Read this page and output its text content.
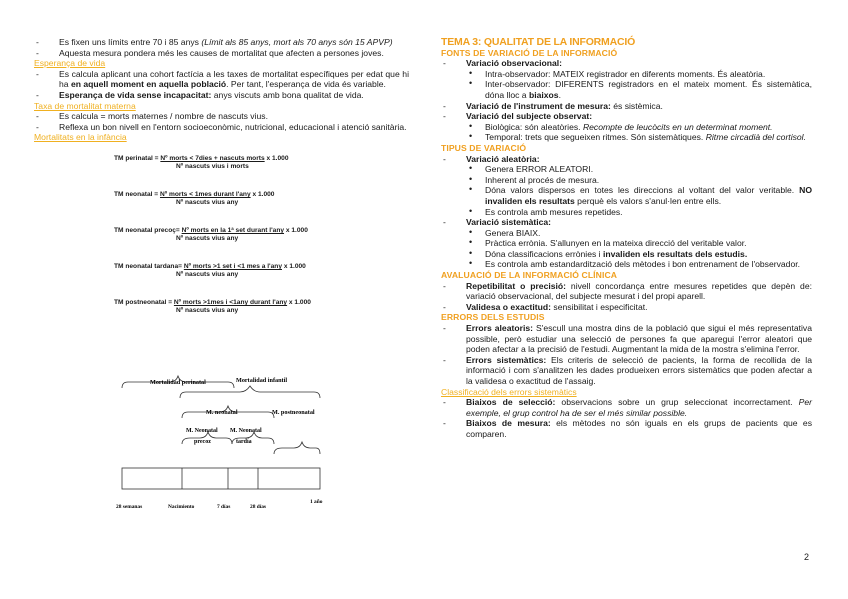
- Es fixen uns límits entre 70 i 85 anys (Límit als 85 anys, mort als 70 anys són 15 APVP)
- Aquesta mesura pondera més les causes de mortalitat que afecten a persones joves.
Esperança de vida
- Es calcula aplicant una cohort factícia a les taxes de mortalitat específiques per edat que hi ha en aquell moment en aquella població. Per tant, l'esperança de vida és variable.
- Esperança de vida sense incapacitat: anys viscuts amb bona qualitat de vida.
Taxa de mortalitat materna
- Es calcula = morts maternes / nombre de nascuts vius.
- Reflexa un bon nivell en l'entorn socioeconòmic, nutricional, educacional i atenció sanitària.
Mortalitats en la infància
TM perinatal = Nº morts < 7dies + nascuts morts x 1.000
Nº nascuts vius i morts
TM neonatal = Nº morts < 1mes durant l'any x 1.000
Nº nascuts vius any
TM neonatal precoç= Nº morts en la 1ª set durant l'any x 1.000
Nº nascuts vius any
TM neonatal tardana= Nº morts >1 set i <1 mes a l'any x 1.000
Nº nascuts vius any
TM postneonatal = Nº morts >1mes i <1any durant l'any x 1.000
Nº nascuts vius any
Mortalidad perinatal	Mortalidad infantil
M. neonatal	M. postneonatal
M. Neonatal precoz
M. Neonatal tardía
28 semanas	Nacimiento	7 días	28 días
1 año
TEMA 3: QUALITAT DE LA INFORMACIÓ
FONTS DE VARIACIÓ DE LA INFORMACIÓ
- Variació observacional:
• Intra-observador: MATEIX registrador en diferents moments. És aleatòria.
• Inter-observador: DIFERENTS registradors en el mateix moment. És sistemàtica, dóna lloc a biaixos.
- Variació de l'instrument de mesura: és sistèmica.
- Variació del subjecte observat:
• Biològica: són aleatòries. Recompte de leucòcits en un determinat moment.
• Temporal: trets que segueixen ritmes. Són sistemàtiques. Ritme circadià del cortisol.
TIPUS DE VARIACIÓ
- Variació aleatòria:
• Genera ERROR ALEATORI.
• Inherent al procés de mesura.
• Dóna valors dispersos en totes les direccions al voltant del valor veritable. NO invaliden els resultats perquè els valors s'anul·len entre ells.
• Es controla amb mesures repetides.
- Variació sistemàtica:
• Genera BIAIX.
• Pràctica errònia. S'allunyen en la mateixa direcció del veritable valor.
• Dóna classificacions errònies i invaliden els resultats dels estudis.
• Es controla amb estandardització dels mètodes i bon entrenament de l'observador.
AVALUACIÓ DE LA INFORMACIÓ CLÍNICA
- Repetibilitat o precisió: nivell concordança entre mesures repetides que depèn de: variació observacional, del subjecte mesurat i del propi aparell.
- Validesa o exactitud: sensibilitat i especificitat.
ERRORS DELS ESTUDIS
- Errors aleatoris: S'escull una mostra dins de la població que sigui el més representativa possible, però estudiar una selecció de persones fa que aparegui l'error aleatori que poden afectar a la precisió de l'estudi. Augmentant la mida de la mostra s'elimina l'error.
- Errors sistemàtics: Els criteris de selecció de pacients, la forma de recollida de la informació i com s'analitzen les dades produeixen errors sistemàtics que poden afectar a la validesa o exactitud de l'assaig.
Classificació dels errors sistemàtics
- Biaixos de selecció: observacions sobre un grup seleccionat incorrectament. Per exemple, el grup control ha de ser el més similar possible.
- Biaixos de mesura: els mètodes no són iguals en els grups de pacients que es comparen.
2
